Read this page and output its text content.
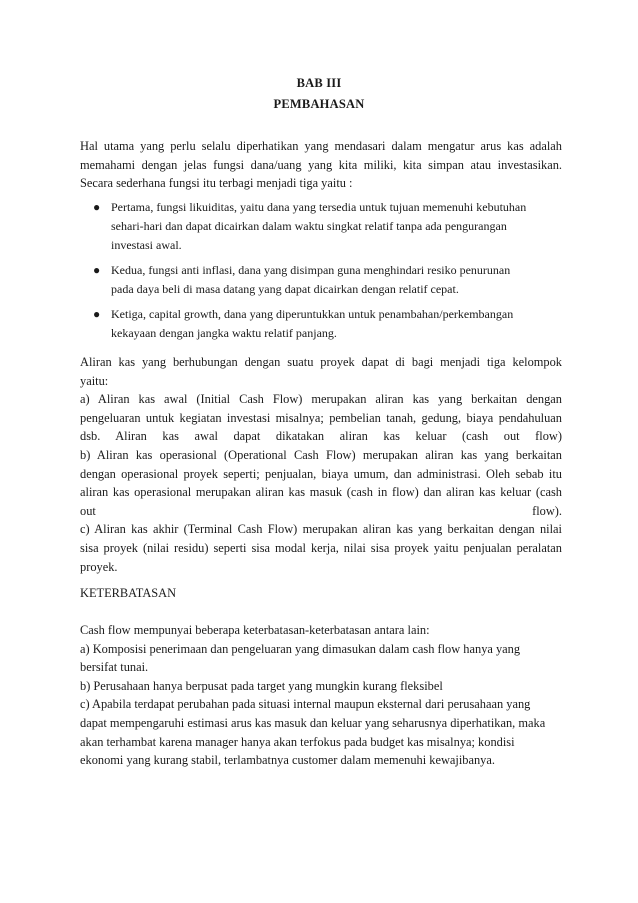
BAB III
PEMBAHASAN
Hal utama yang perlu selalu diperhatikan yang mendasari dalam mengatur arus kas adalah
memahami dengan jelas fungsi dana/uang yang kita miliki, kita simpan atau investasikan.
Secara sederhana fungsi itu terbagi menjadi tiga yaitu :
● Pertama, fungsi likuiditas, yaitu dana yang tersedia untuk tujuan memenuhi kebutuhan
sehari-hari dan dapat dicairkan dalam waktu singkat relatif tanpa ada pengurangan
investasi awal.
● Kedua, fungsi anti inflasi, dana yang disimpan guna menghindari resiko penurunan
pada daya beli di masa datang yang dapat dicairkan dengan relatif cepat.
● Ketiga, capital growth, dana yang diperuntukkan untuk penambahan/perkembangan
kekayaan dengan jangka waktu relatif panjang.
Aliran kas yang berhubungan dengan suatu proyek dapat di bagi menjadi tiga kelompok
yaitu:
a) Aliran kas awal (Initial Cash Flow) merupakan aliran kas yang berkaitan dengan
pengeluaran untuk kegiatan investasi misalnya; pembelian tanah, gedung, biaya pendahuluan
dsb. Aliran kas awal dapat dikatakan aliran kas keluar (cash out flow)
b) Aliran kas operasional (Operational Cash Flow) merupakan aliran kas yang berkaitan
dengan operasional proyek seperti; penjualan, biaya umum, dan administrasi. Oleh sebab itu
aliran kas operasional merupakan aliran kas masuk (cash in flow) dan aliran kas keluar (cash
out	flow).
c) Aliran kas akhir (Terminal Cash Flow) merupakan aliran kas yang berkaitan dengan nilai
sisa proyek (nilai residu) seperti sisa modal kerja, nilai sisa proyek yaitu penjualan peralatan
proyek.
KETERBATASAN
Cash flow mempunyai beberapa keterbatasan-keterbatasan antara lain:
a) Komposisi penerimaan dan pengeluaran yang dimasukan dalam cash flow hanya yang
bersifat tunai.
b) Perusahaan hanya berpusat pada target yang mungkin kurang fleksibel
c) Apabila terdapat perubahan pada situasi internal maupun eksternal dari perusahaan yang
dapat mempengaruhi estimasi arus kas masuk dan keluar yang seharusnya diperhatikan, maka
akan terhambat karena manager hanya akan terfokus pada budget kas misalnya; kondisi
ekonomi yang kurang stabil, terlambatnya customer dalam memenuhi kewajibanya.
